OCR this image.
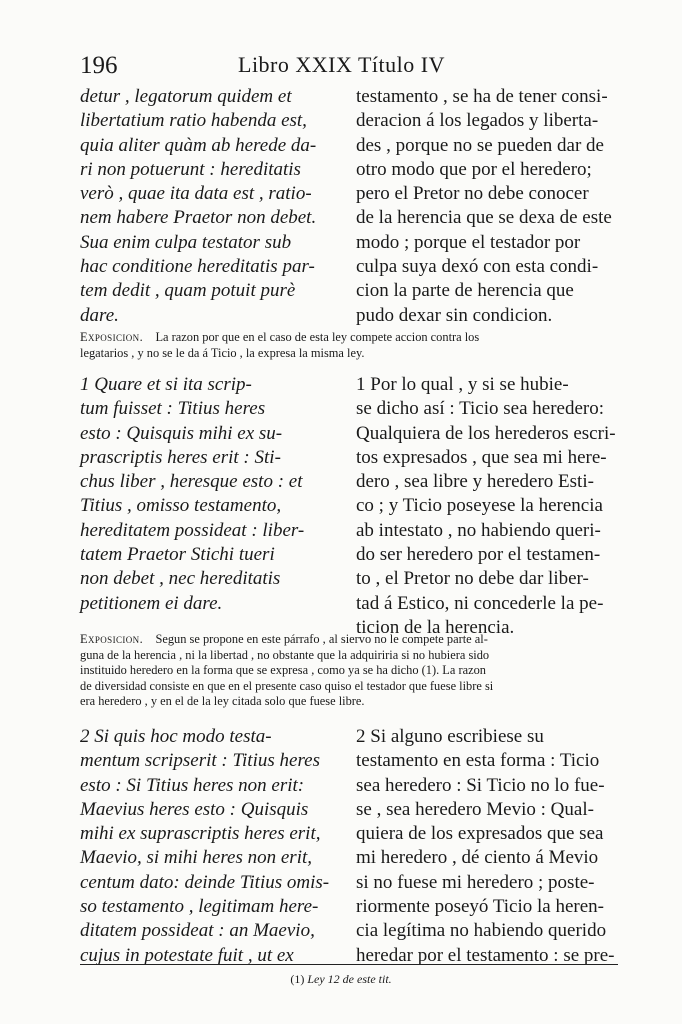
196	Libro XXIX Título IV
detur , legatorum quidem et
libertatium ratio habenda est,
quia aliter quàm ab herede da-
ri non potuerunt : hereditatis
verò , quae ita data est , ratio-
nem habere Praetor non debet.
Sua enim culpa testator sub
hac conditione hereditatis par-
tem dedit , quam potuit purè
dare.
testamento , se ha de tener consi-
deracion á los legados y liberta-
des , porque no se pueden dar de
otro modo que por el heredero;
pero el Pretor no debe conocer
de la herencia que se dexa de este
modo ; porque el testador por
culpa suya dexó con esta condi-
cion la parte de herencia que
pudo dexar sin condicion.
Exposicion.  La razon por que en el caso de esta ley compete accion contra los
legatarios , y no se le da á Ticio , la expresa la misma ley.
1 Quare et si ita scrip-
tum fuisset : Titius heres
esto : Quisquis mihi ex su-
prascriptis heres erit : Sti-
chus liber , heresque esto : et
Titius , omisso testamento,
hereditatem possideat : liber-
tatem Praetor Stichi tueri
non debet , nec hereditatis
petitionem ei dare.
1 Por lo qual , y si se hubie-
se dicho así : Ticio sea heredero:
Qualquiera de los herederos escri-
tos expresados , que sea mi here-
dero , sea libre y heredero Esti-
co ; y Ticio poseyese la herencia
ab intestato , no habiendo queri-
do ser heredero por el testamen-
to , el Pretor no debe dar liber-
tad á Estico, ni concederle la pe-
ticion de la herencia.
Exposicion.  Segun se propone en este párrafo , al siervo no le compete parte al-
guna de la herencia , ni la libertad , no obstante que la adquiriria si no hubiera sido
instituido heredero en la forma que se expresa , como ya se ha dicho (1). La razon
de diversidad consiste en que en el presente caso quiso el testador que fuese libre si
era heredero , y en el de la ley citada solo que fuese libre.
2 Si quis hoc modo testa-
mentum scripserit : Titius heres
esto : Si Titius heres non erit:
Maevius heres esto : Quisquis
mihi ex suprascriptis heres erit,
Maevio, si mihi heres non erit,
centum dato: deinde Titius omis-
so testamento , legitimam here-
ditatem possideat : an Maevio,
cujus in potestate fuit , ut ex
2 Si alguno escribiese su
testamento en esta forma : Ticio
sea heredero : Si Ticio no lo fue-
se , sea heredero Mevio : Qual-
quiera de los expresados que sea
mi heredero , dé ciento á Mevio
si no fuese mi heredero ; poste-
riormente poseyó Ticio la heren-
cia legítima no habiendo querido
heredar por el testamento : se pre-
(1) Ley 12 de este tit.
